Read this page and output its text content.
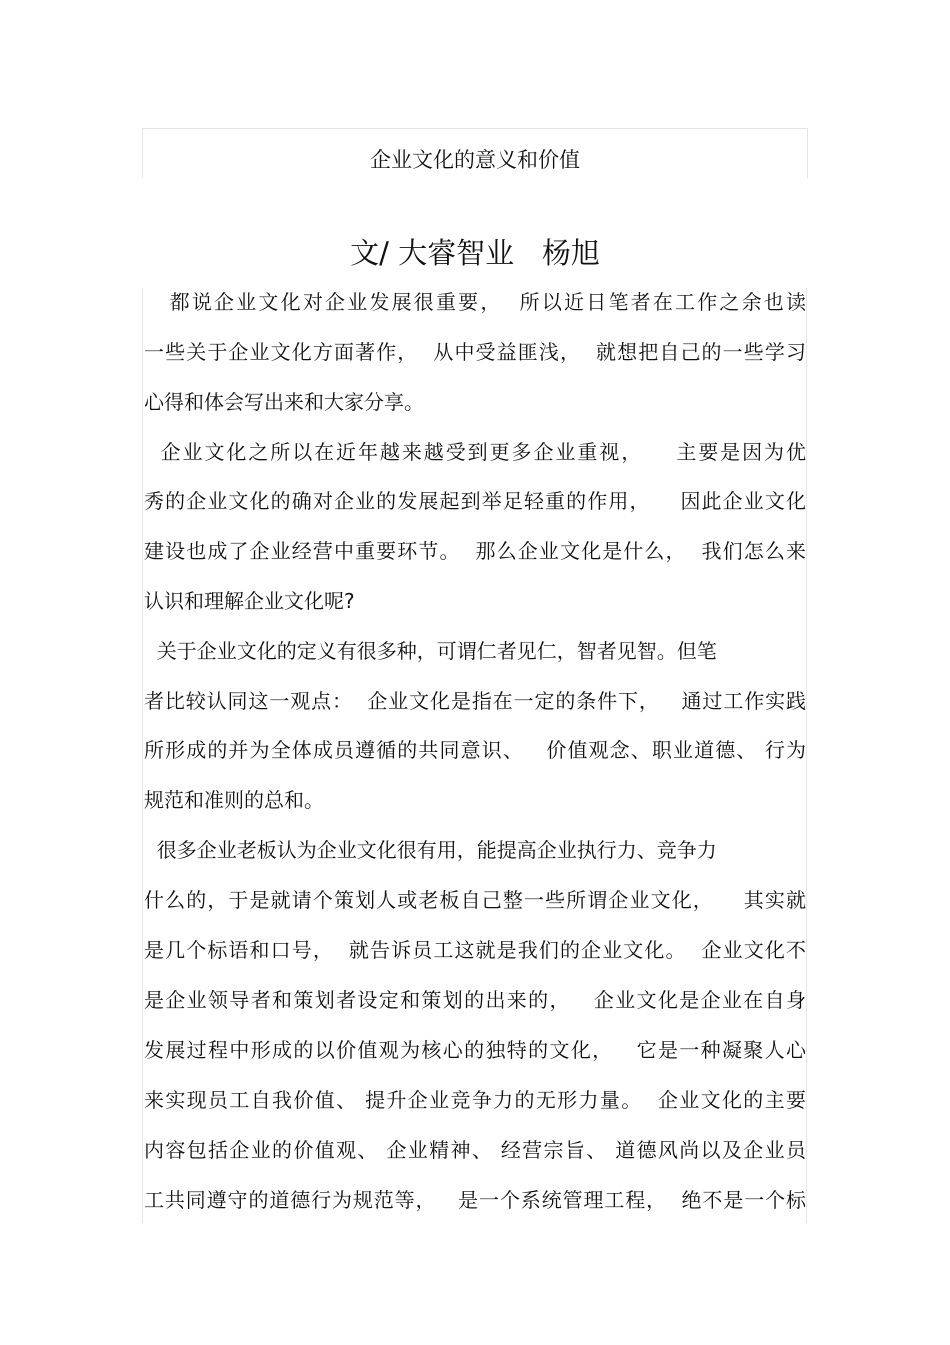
企业文化的意义和价值
文/ 大睿智业   杨旭
都说企业文化对企业发展很重要，  所以近日笔者在工作之余也读
一些关于企业文化方面著作，  从中受益匪浅，  就想把自己的一些学习
心得和体会写出来和大家分享。
企业文化之所以在近年越来越受到更多企业重视，    主要是因为优
秀的企业文化的确对企业的发展起到举足轻重的作用，    因此企业文化
建设也成了企业经营中重要环节。  那么企业文化是什么，  我们怎么来
认识和理解企业文化呢?
关于企业文化的定义有很多种，可谓仁者见仁，智者见智。但笔
者比较认同这一观点：  企业文化是指在一定的条件下，   通过工作实践
所形成的并为全体成员遵循的共同意识、   价值观念、职业道德、 行为
规范和准则的总和。
很多企业老板认为企业文化很有用，能提高企业执行力、竞争力
什么的，于是就请个策划人或老板自己整一些所谓企业文化，    其实就
是几个标语和口号，  就告诉员工这就是我们的企业文化。  企业文化不
是企业领导者和策划者设定和策划的出来的，   企业文化是企业在自身
发展过程中形成的以价值观为核心的独特的文化，   它是一种凝聚人心
来实现员工自我价值、 提升企业竞争力的无形力量。  企业文化的主要
内容包括企业的价值观、 企业精神、 经营宗旨、 道德风尚以及企业员
工共同遵守的道德行为规范等，   是一个系统管理工程，  绝不是一个标
